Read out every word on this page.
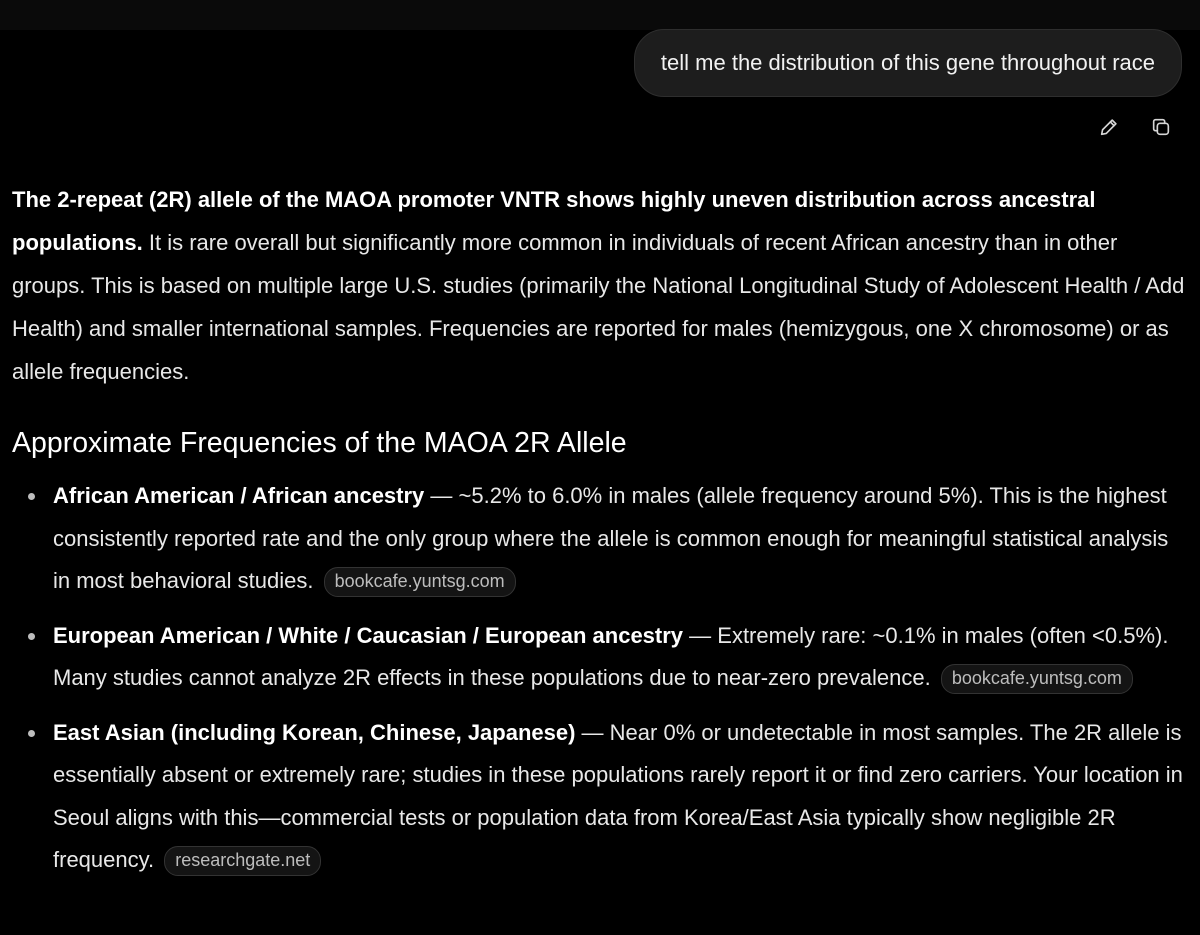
tell me the distribution of this gene throughout race

The 2-repeat (2R) allele of the MAOA promoter VNTR shows highly uneven distribution across ancestral populations. It is rare overall but significantly more common in individuals of recent African ancestry than in other groups. This is based on multiple large U.S. studies (primarily the National Longitudinal Study of Adolescent Health / Add Health) and smaller international samples. Frequencies are reported for males (hemizygous, one X chromosome) or as allele frequencies.

Approximate Frequencies of the MAOA 2R Allele
African American / African ancestry — ~5.2% to 6.0% in males (allele frequency around 5%). This is the highest consistently reported rate and the only group where the allele is common enough for meaningful statistical analysis in most behavioral studies. bookcafe.yuntsg.com
European American / White / Caucasian / European ancestry — Extremely rare: ~0.1% in males (often <0.5%). Many studies cannot analyze 2R effects in these populations due to near-zero prevalence. bookcafe.yuntsg.com
East Asian (including Korean, Chinese, Japanese) — Near 0% or undetectable in most samples. The 2R allele is essentially absent or extremely rare; studies in these populations rarely report it or find zero carriers. Your location in Seoul aligns with this—commercial tests or population data from Korea/East Asia typically show negligible 2R frequency. researchgate.net
